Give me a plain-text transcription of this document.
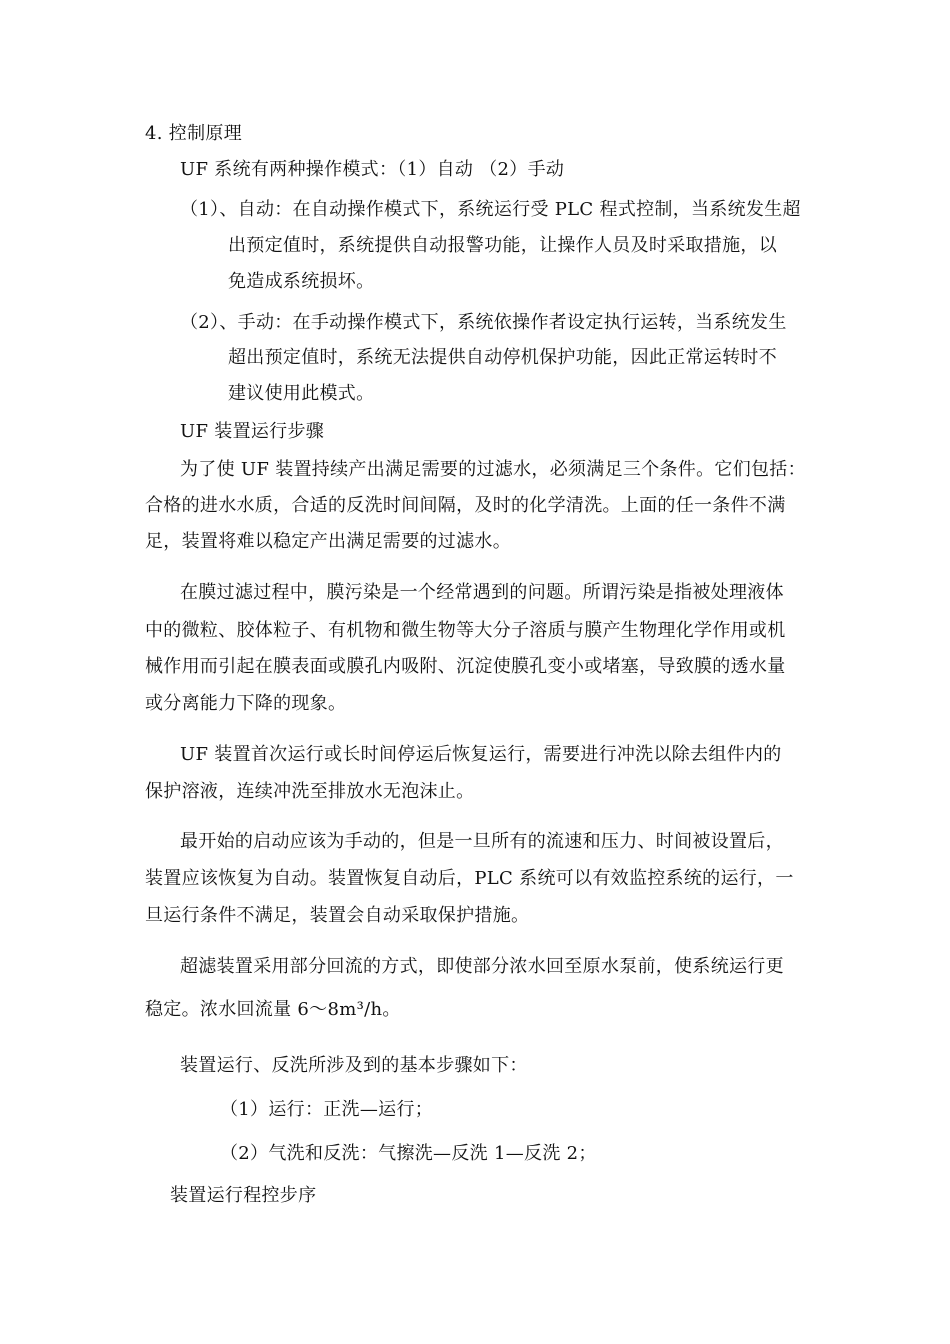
4. 控制原理
UF 系统有两种操作模式：（1）自动 （2）手动
（1）、自动：在自动操作模式下，系统运行受 PLC 程式控制，当系统发生超
出预定值时，系统提供自动报警功能，让操作人员及时采取措施，以
免造成系统损坏。
（2）、手动：在手动操作模式下，系统依操作者设定执行运转，当系统发生
超出预定值时，系统无法提供自动停机保护功能，因此正常运转时不
建议使用此模式。
UF 装置运行步骤
为了使 UF 装置持续产出满足需要的过滤水，必须满足三个条件。它们包括：
合格的进水水质，合适的反洗时间间隔，及时的化学清洗。上面的任一条件不满
足，装置将难以稳定产出满足需要的过滤水。
在膜过滤过程中，膜污染是一个经常遇到的问题。所谓污染是指被处理液体
中的微粒、胶体粒子、有机物和微生物等大分子溶质与膜产生物理化学作用或机
械作用而引起在膜表面或膜孔内吸附、沉淀使膜孔变小或堵塞，导致膜的透水量
或分离能力下降的现象。
UF 装置首次运行或长时间停运后恢复运行，需要进行冲洗以除去组件内的
保护溶液，连续冲洗至排放水无泡沫止。
最开始的启动应该为手动的，但是一旦所有的流速和压力、时间被设置后，
装置应该恢复为自动。装置恢复自动后，PLC 系统可以有效监控系统的运行，一
旦运行条件不满足，装置会自动采取保护措施。
超滤装置采用部分回流的方式，即使部分浓水回至原水泵前，使系统运行更
稳定。浓水回流量 6～8m³/h。
装置运行、反洗所涉及到的基本步骤如下：
（1）运行：正洗—运行；
（2）气洗和反洗：气擦洗—反洗 1—反洗 2；
装置运行程控步序
